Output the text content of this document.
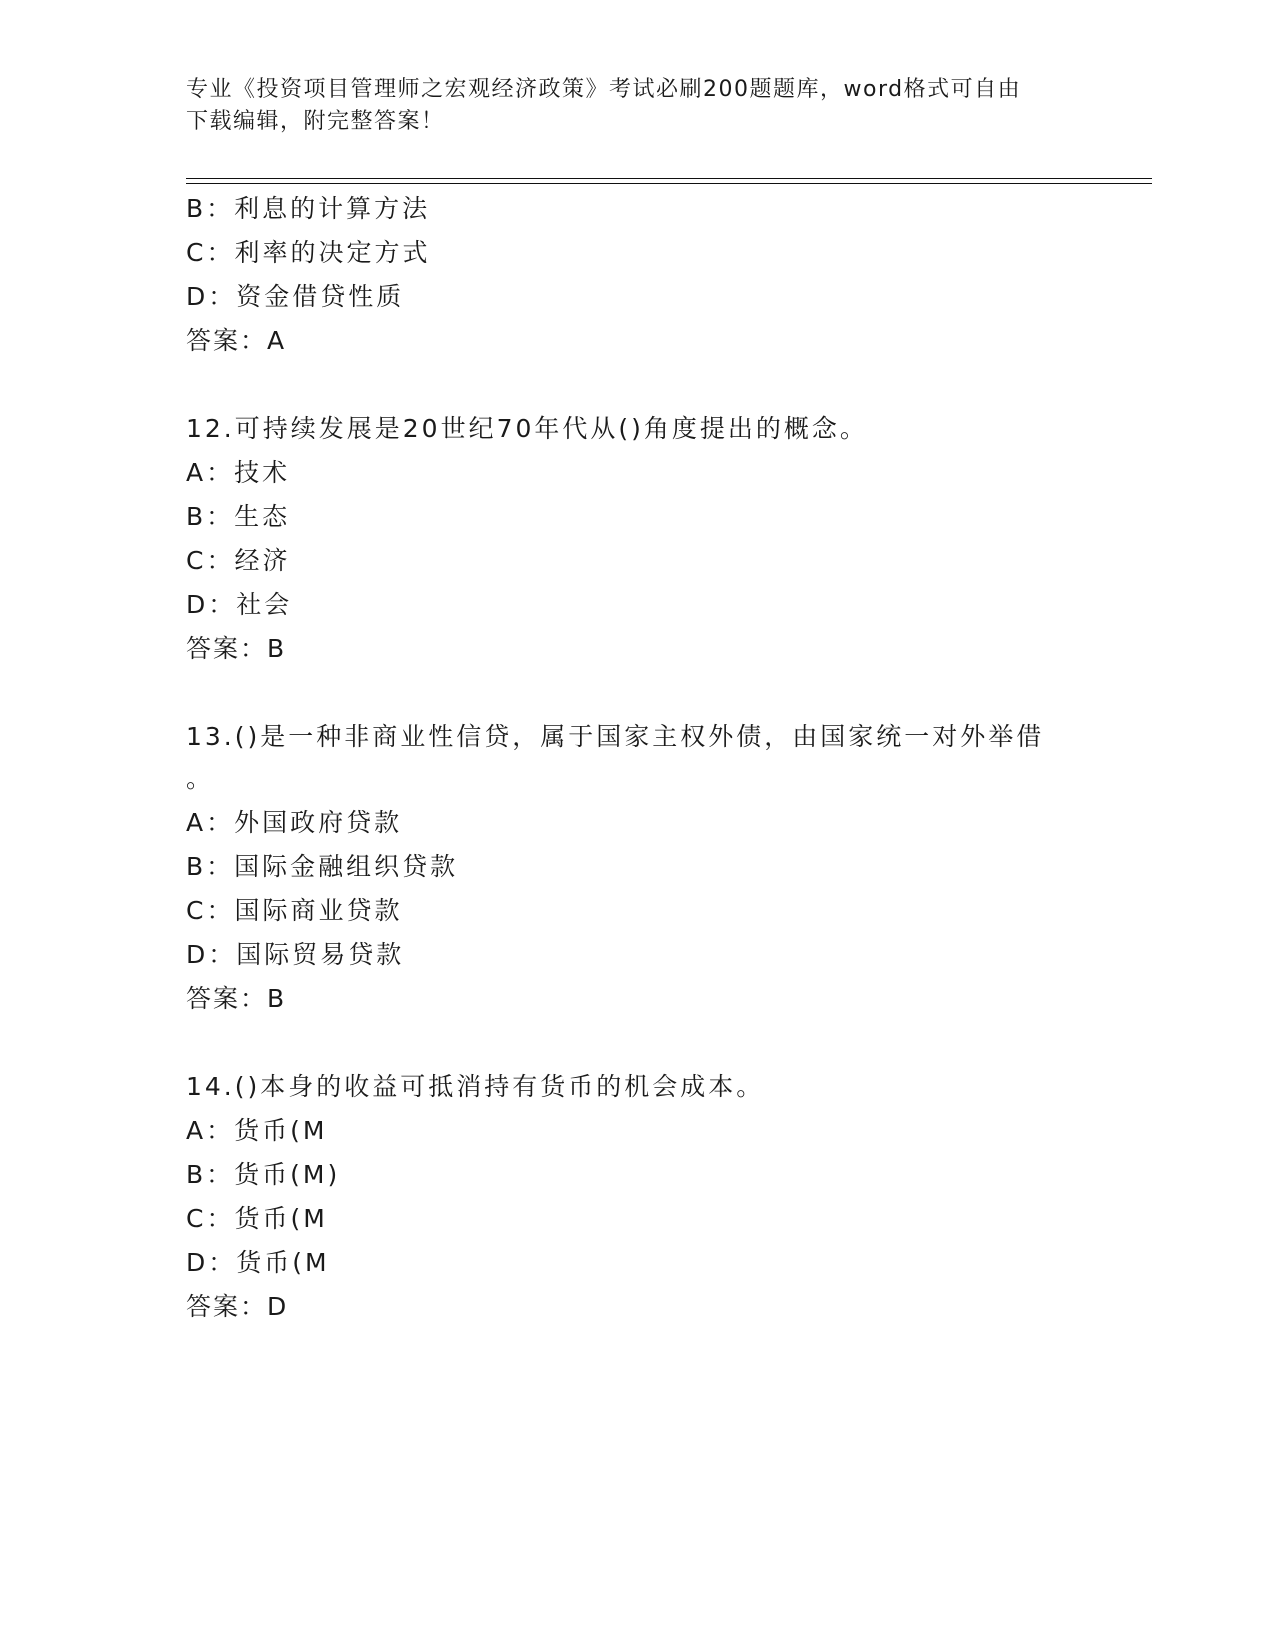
专业《投资项目管理师之宏观经济政策》考试必刷200题题库，word格式可自由
下载编辑，附完整答案！
B：利息的计算方法
C：利率的决定方式
D：资金借贷性质
答案：A
12.可持续发展是20世纪70年代从()角度提出的概念。
A：技术
B：生态
C：经济
D：社会
答案：B
13.()是一种非商业性信贷，属于国家主权外债，由国家统一对外举借
。
A：外国政府贷款
B：国际金融组织贷款
C：国际商业贷款
D：国际贸易贷款
答案：B
14.()本身的收益可抵消持有货币的机会成本。
A：货币(M
B：货币(M)
C：货币(M
D：货币(M
答案：D
